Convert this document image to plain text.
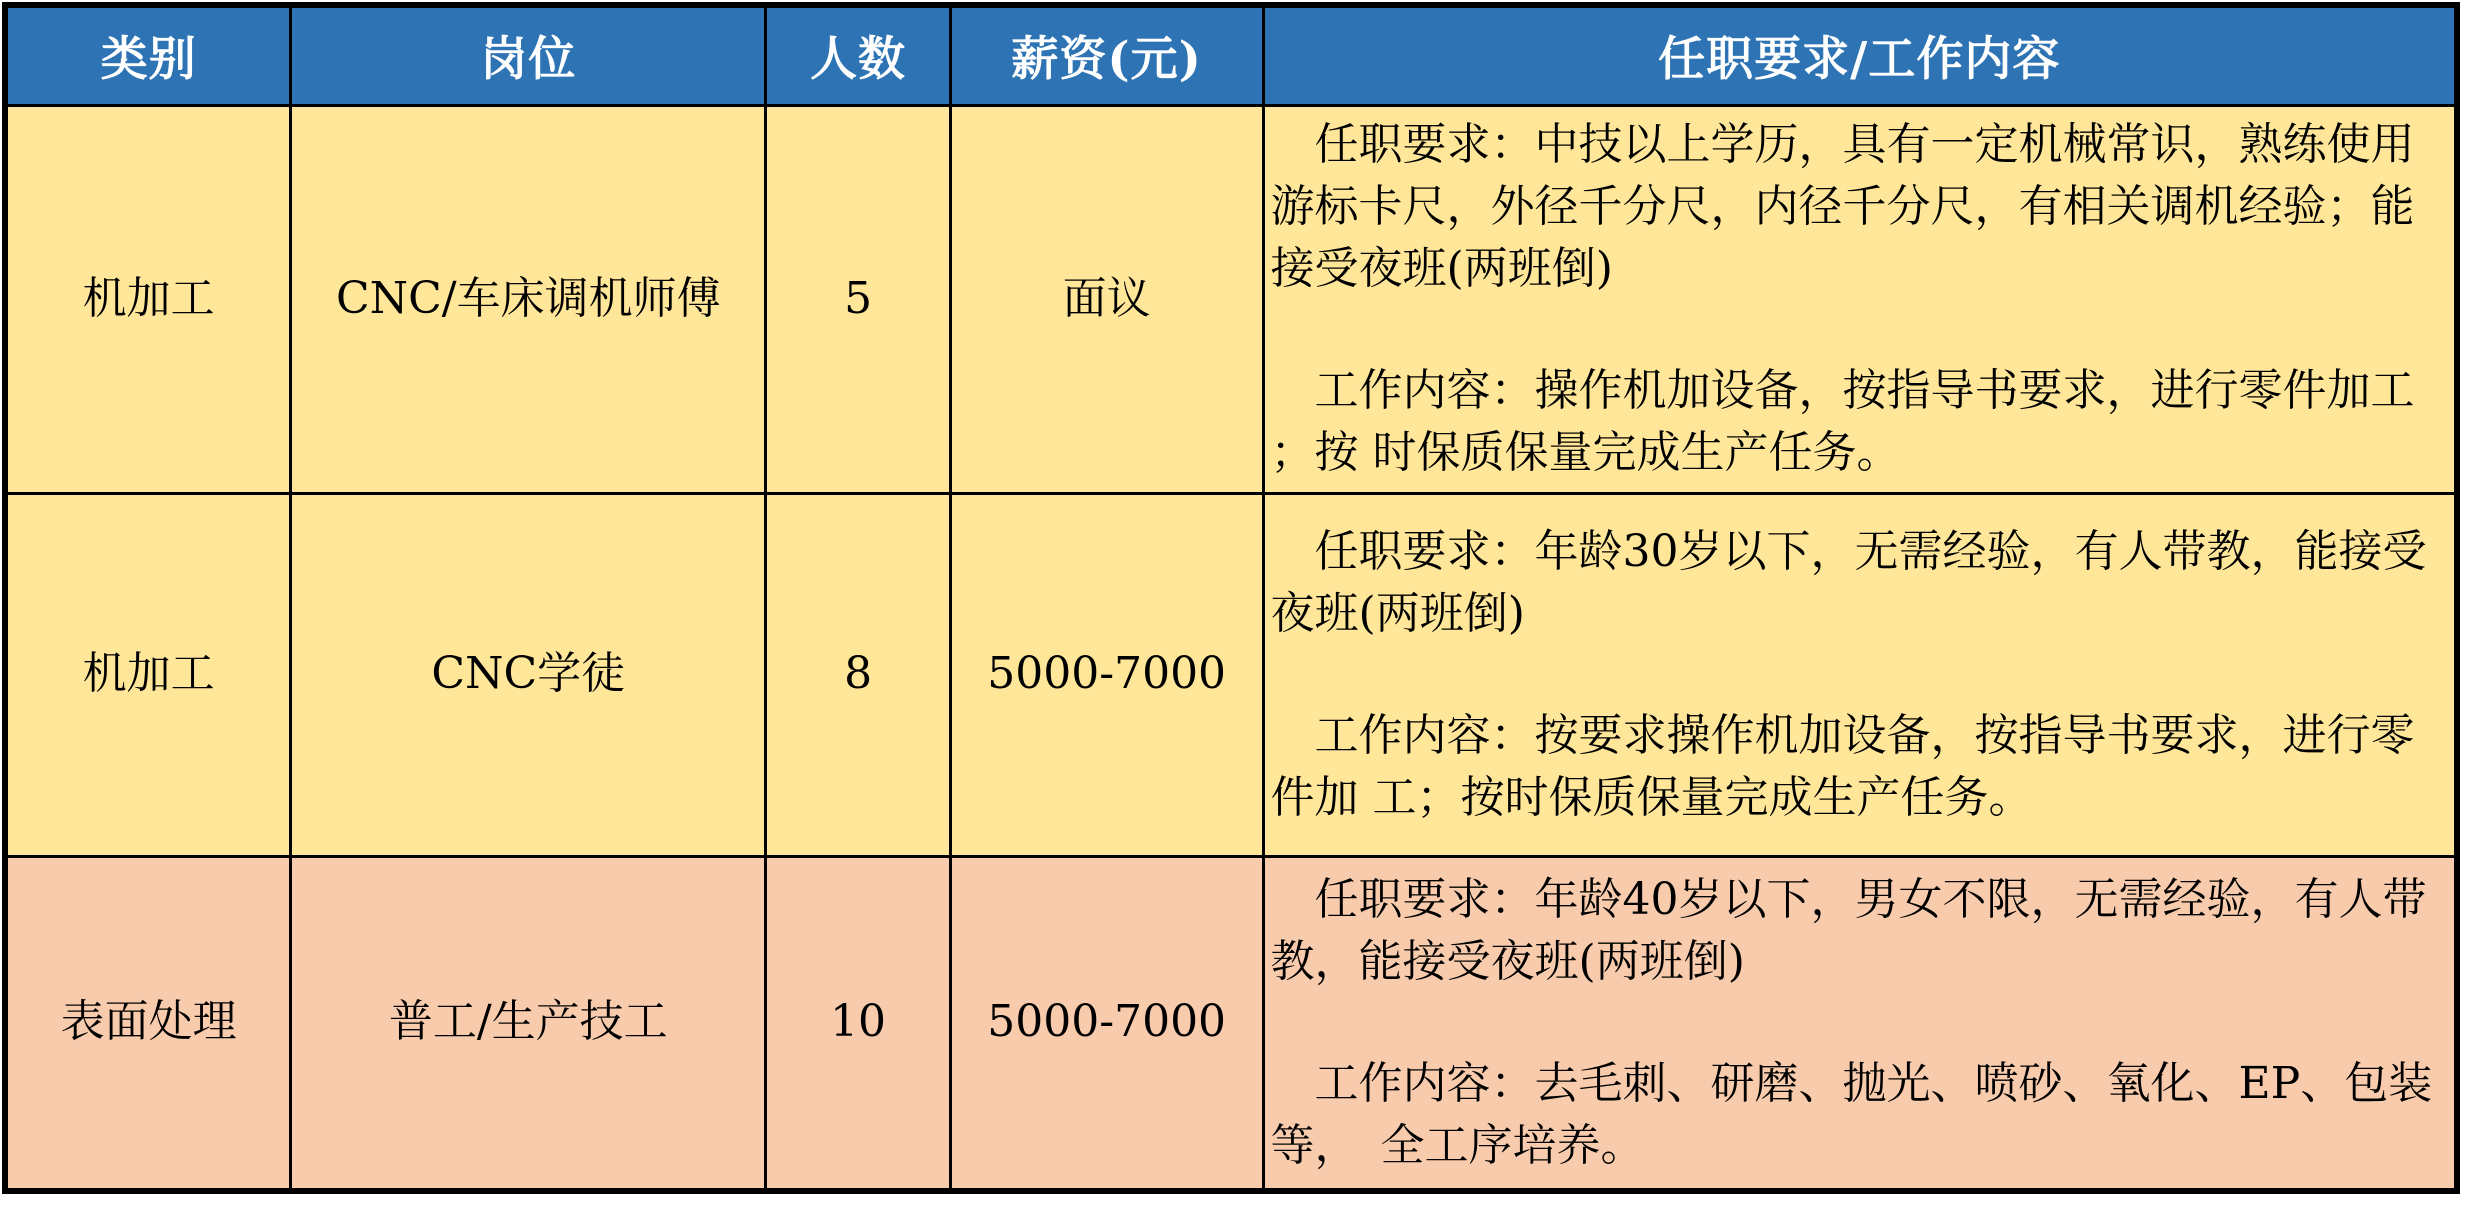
类别	岗位	人数	薪资(元)	任职要求/工作内容
机加工	CNC/车床调机师傅	5	面议	任职要求：中技以上学历，具有一定机械常识，熟练使用游标卡尺，外径千分尺，内径千分尺，有相关调机经验；能接受夜班(两班倒)

工作内容：操作机加设备，按指导书要求，进行零件加工；按 时保质保量完成生产任务。

机加工	CNC学徒	8	5000-7000	任职要求：年龄30岁以下，无需经验，有人带教，能接受夜班(两班倒)

工作内容：按要求操作机加设备，按指导书要求，进行零件加 工；按时保质保量完成生产任务。

表面处理	普工/生产技工	10	5000-7000	任职要求：年龄40岁以下，男女不限，无需经验，有人带教，能接受夜班(两班倒)

工作内容：去毛刺、研磨、抛光、喷砂、氧化、EP、包装等，　全工序培养。
